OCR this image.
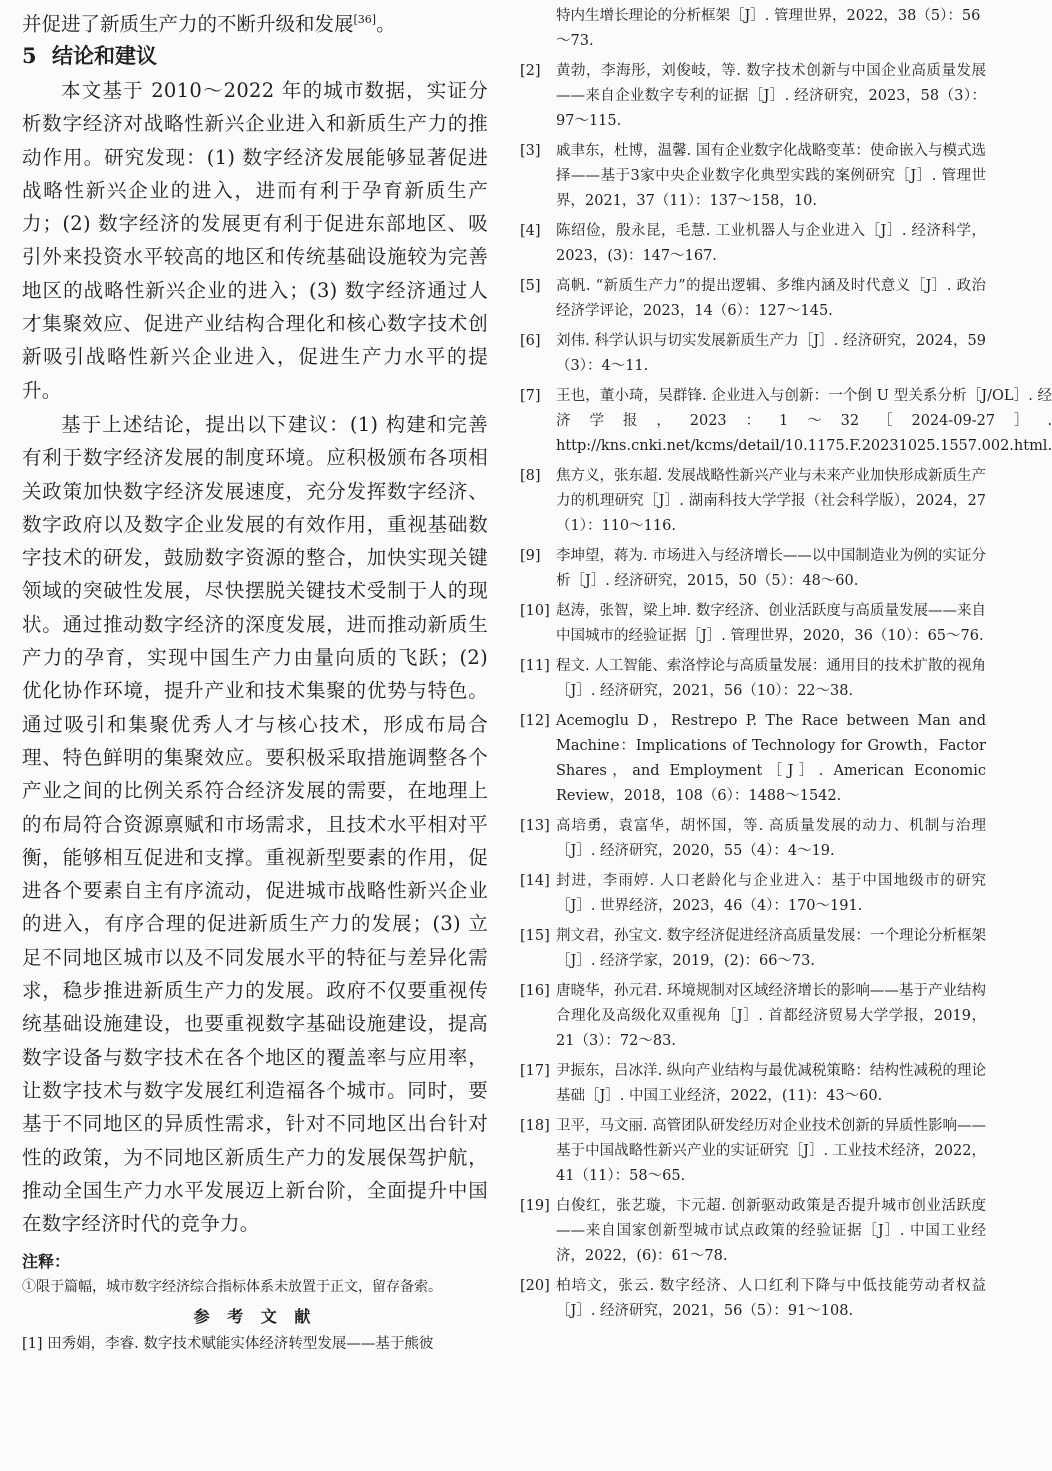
并促进了新质生产力的不断升级和发展[36]。
5 结论和建议

本文基于 2010～2022 年的城市数据，实证分析数字经济对战略性新兴企业进入和新质生产力的推动作用。研究发现：(1) 数字经济发展能够显著促进战略性新兴企业的进入，进而有利于孕育新质生产力；(2) 数字经济的发展更有利于促进东部地区、吸引外来投资水平较高的地区和传统基础设施较为完善地区的战略性新兴企业的进入；(3) 数字经济通过人才集聚效应、促进产业结构合理化和核心数字技术创新吸引战略性新兴企业进入，促进生产力水平的提升。

基于上述结论，提出以下建议：(1) 构建和完善有利于数字经济发展的制度环境。应积极颁布各项相关政策加快数字经济发展速度，充分发挥数字经济、数字政府以及数字企业发展的有效作用，重视基础数字技术的研发，鼓励数字资源的整合，加快实现关键领域的突破性发展，尽快摆脱关键技术受制于人的现状。通过推动数字经济的深度发展，进而推动新质生产力的孕育，实现中国生产力由量向质的飞跃；(2) 优化协作环境，提升产业和技术集聚的优势与特色。通过吸引和集聚优秀人才与核心技术，形成布局合理、特色鲜明的集聚效应。要积极采取措施调整各个产业之间的比例关系符合经济发展的需要，在地理上的布局符合资源禀赋和市场需求，且技术水平相对平衡，能够相互促进和支撑。重视新型要素的作用，促进各个要素自主有序流动，促进城市战略性新兴企业的进入，有序合理的促进新质生产力的发展；(3) 立足不同地区城市以及不同发展水平的特征与差异化需求，稳步推进新质生产力的发展。政府不仅要重视传统基础设施建设，也要重视数字基础设施建设，提高数字设备与数字技术在各个地区的覆盖率与应用率，让数字技术与数字发展红利造福各个城市。同时，要基于不同地区的异质性需求，针对不同地区出台针对性的政策，为不同地区新质生产力的发展保驾护航，推动全国生产力水平发展迈上新台阶，全面提升中国在数字经济时代的竞争力。

注释：
①限于篇幅，城市数字经济综合指标体系未放置于正文，留存备索。
参 考 文 献
[1] 田秀娟，李睿. 数字技术赋能实体经济转型发展——基于熊彼
特内生增长理论的分析框架［J］. 管理世界，2022，38（5）：56～73.
[2]	黄勃，李海彤，刘俊岐，等. 数字技术创新与中国企业高质量发展——来自企业数字专利的证据［J］. 经济研究，2023，58（3）：97～115.
[3]	戚聿东，杜博，温馨. 国有企业数字化战略变革：使命嵌入与模式选择——基于3家中央企业数字化典型实践的案例研究［J］. 管理世界，2021，37（11）：137～158，10.
[4]	陈绍俭，殷永昆，毛慧. 工业机器人与企业进入［J］. 经济科学，2023，(3)：147～167.
[5]	高帆. “新质生产力”的提出逻辑、多维内涵及时代意义［J］. 政治经济学评论，2023，14（6）：127～145.
[6]	刘伟. 科学认识与切实发展新质生产力［J］. 经济研究，2024，59（3）：4～11.
[7]	王也，董小琦，吴群锋. 企业进入与创新：一个倒 U 型关系分析［J/OL］. 经济学报，2023：1～32［2024-09-27］. http://kns.cnki.net/kcms/detail/10.1175.F.20231025.1557.002.html.
[8]	焦方义，张东超. 发展战略性新兴产业与未来产业加快形成新质生产力的机理研究［J］. 湖南科技大学学报（社会科学版），2024，27（1）：110～116.
[9]	李坤望，蒋为. 市场进入与经济增长——以中国制造业为例的实证分析［J］. 经济研究，2015，50（5）：48～60.
[10] 赵涛，张智，梁上坤. 数字经济、创业活跃度与高质量发展——来自中国城市的经验证据［J］. 管理世界，2020，36（10）：65～76.
[11] 程文. 人工智能、索洛悖论与高质量发展：通用目的技术扩散的视角［J］. 经济研究，2021，56（10）：22～38.
[12] Acemoglu D，Restrepo P. The Race between Man and Machine：Implications of Technology for Growth，Factor Shares，and Employment［J］. American Economic Review，2018，108（6）：1488～1542.
[13] 高培勇，袁富华，胡怀国，等. 高质量发展的动力、机制与治理［J］. 经济研究，2020，55（4）：4～19.
[14] 封进，李雨婷. 人口老龄化与企业进入：基于中国地级市的研究［J］. 世界经济，2023，46（4）：170～191.
[15] 荆文君，孙宝文. 数字经济促进经济高质量发展：一个理论分析框架［J］. 经济学家，2019，(2)：66～73.
[16] 唐晓华，孙元君. 环境规制对区域经济增长的影响——基于产业结构合理化及高级化双重视角［J］. 首都经济贸易大学学报，2019，21（3）：72～83.
[17] 尹振东，吕冰洋. 纵向产业结构与最优减税策略：结构性减税的理论基础［J］. 中国工业经济，2022，(11)：43～60.
[18] 卫平，马文丽. 高管团队研发经历对企业技术创新的异质性影响——基于中国战略性新兴产业的实证研究［J］. 工业技术经济，2022，41（11）：58～65.
[19] 白俊红，张艺璇，卞元超. 创新驱动政策是否提升城市创业活跃度——来自国家创新型城市试点政策的经验证据［J］. 中国工业经济，2022，(6)：61～78.
[20] 柏培文，张云. 数字经济、人口红利下降与中低技能劳动者权益［J］. 经济研究，2021，56（5）：91～108.
